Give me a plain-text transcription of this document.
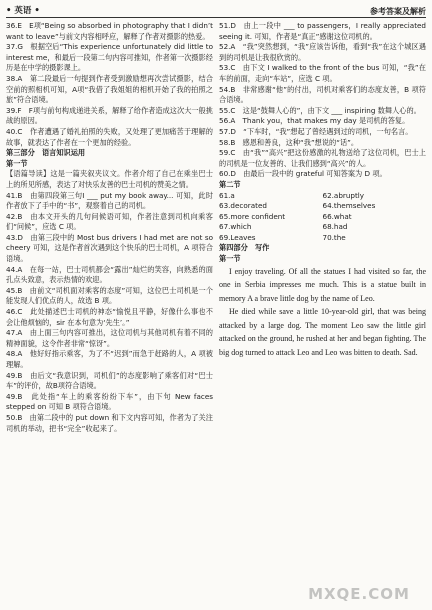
• 英语 •	参考答案及解析

36.E　E项“Being so absorbed in photography that I didn’t want to leave”与前文内容相呼应，解释了作者对摄影的热爱。

37.G　根据空后“This experience unfortunately did little to interest me，和最后一段第二句内容可推知，作者第一次摄影经历是在中学的摄影课上。

38.A　第二段最后一句提到作者受到激励想再次尝试摄影，结合空前的照相机可知，A项“我借了我姐姐的相机开始了我的拍照之旅”符合语境。

39.F　F项与前句构成递进关系，解释了给作者造成这次大一般挑战的原因。

40.C　作者遭遇了婚礼拍照的失败，又处理了更加痛苦于理解的故事，就表达了作者在一个更加的经验。

第三部分　语言知识运用

第一节

【语篇导读】这是一篇夹叙夹议文。作者介绍了自己在乘坐巴士上的所见所感，表达了对快乐友善的巴士司机的赞美之情。

41.B　由第四段第三句I ___ put my book away... 可知，此时作者放下了手中的“书”，观察着自己的司机。

42.B　由本文开头的几句问候语可知，作者注意到司机向乘客们“问候”，应选 C 项。

43.D　由第三段中的 Most bus drivers I had met are not so cheery 可知，这是作者首次遇到这个快乐的巴士司机，A 项符合语境。

44.A　在每一站，巴士司机都会“露出”灿烂的笑容，向熟悉的面孔点头致意，表示热情的欢迎。

45.B　由前文“司机面对乘客的态度”可知，这位巴士司机是一个能发现人们优点的人，故选 B 项。

46.C　此处描述巴士司机的神态“愉悦且平静，好像什么事也不会让他烦恼的，sir 在本句意为‘先生’。”

47.A　由上面三句内容可推出，这位司机与其他司机有着不同的精神面貌，这令作者非常“惊讶”。

48.A　他好好指示乘客，为了不“迟到”而急于赶路的人，A 项被理解。

49.B　由后文“我意识到，司机们”的态度影响了乘客们对“巴士车”的评价，故B项符合语境。

49.B　此处指“车上的乘客纷纷下车”，由下句 New faces stepped on 可知 B 项符合语境。

50.B　由第二段中的 put down 和下文内容可知，作者为了关注司机的举动，把书“完全”收起来了。

51.D　由上一段中 ___ to passengers，I really appreciated seeing it. 可知，作者是“真正”感谢这位司机的。

52.A　“我”突然想到，“我”应该告诉他，看到“我”在这个城区遇到的司机是让我很欣赏的。

53.C　由下文 I walked to the front of the bus 可知，“我”在车的前面，走向“车站”，应选 C 项。

54.B　非常感谢“他”的付出，司机对乘客们的态度友善，B 项符合语境。

55.C　这是“鼓舞人心的”，由下文 ___ inspiring 数舞人心的。

56.A　Thank you，that makes my day 是司机的答复。

57.D　“下车时，“我”想起了曾经遇到过的司机，一句名言。

58.B　感恩和善良，这种“我”想说的“话”。

59.C　由“我”“高兴”把这份感激的礼物送给了这位司机，巴士上的司机是一位友善的、让我们感到“高兴”的人。

60.D　由最后一段中的 grateful 可知答案为 D 项。

第二节

61.a	62.abruptly
63.decorated	64.themselves
65.more confident	66.what
67.which	68.had
69.Leaves	70.the
第四部分　写作
第一节

I enjoy traveling. Of all the statues I had visited so far, the one in Serbia impresses me much. This is a statue built in memory A a brave little dog by the name of Leo.

He died while save a little 10-year-old girl, that was being attacked by a large dog. The moment Leo saw the little girl attacked on the ground, he rushed at her and began fighting. The big dog turned to attack Leo and Leo was bitten to death. Sad.

MXQE.COM
